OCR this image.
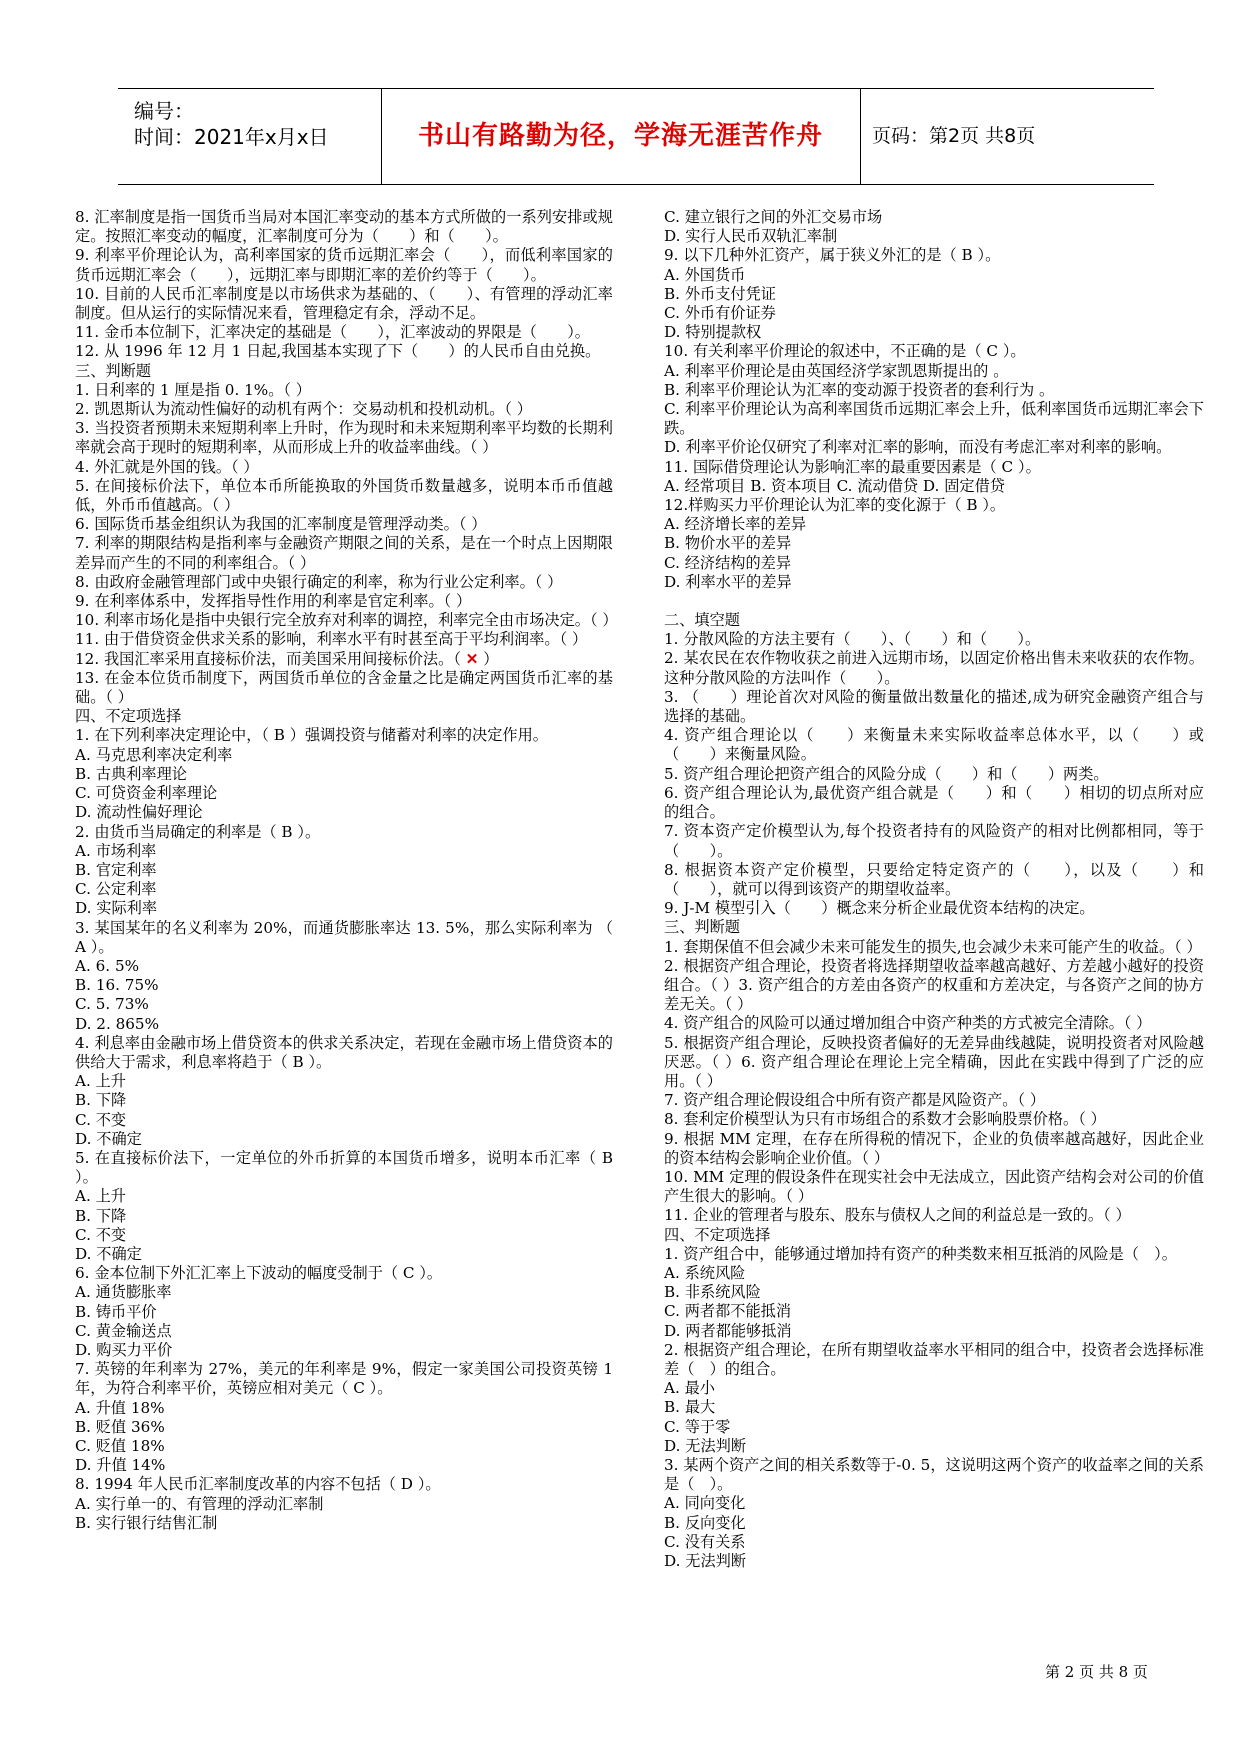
编号：
时间：2021年x月x日	书山有路勤为径，学海无涯苦作舟	页码：第2页 共8页

8. 汇率制度是指一国货币当局对本国汇率变动的基本方式所做的一系列安排或规定。按照汇率变动的幅度，汇率制度可分为（　　）和（　　）。

9. 利率平价理论认为，高利率国家的货币远期汇率会（　　），而低利率国家的货币远期汇率会（　　），远期汇率与即期汇率的差价约等于（　　）。

10. 目前的人民币汇率制度是以市场供求为基础的、（　　）、有管理的浮动汇率制度。但从运行的实际情况来看，管理稳定有余，浮动不足。

11. 金币本位制下，汇率决定的基础是（　　），汇率波动的界限是（　　）。

12. 从 1996 年 12 月 1 日起,我国基本实现了下（　　）的人民币自由兑换。

三、判断题

1. 日利率的 1 厘是指 0. 1%。（ ）

2. 凯恩斯认为流动性偏好的动机有两个：交易动机和投机动机。（ ）

3. 当投资者预期未来短期利率上升时，作为现时和未来短期利率平均数的长期利率就会高于现时的短期利率，从而形成上升的收益率曲线。（ ）

4. 外汇就是外国的钱。（ ）

5. 在间接标价法下，单位本币所能换取的外国货币数量越多，说明本币币值越低，外币币值越高。（ ）

6. 国际货币基金组织认为我国的汇率制度是管理浮动类。（ ）

7. 利率的期限结构是指利率与金融资产期限之间的关系，是在一个时点上因期限差异而产生的不同的利率组合。（ ）

8. 由政府金融管理部门或中央银行确定的利率，称为行业公定利率。（ ）

9. 在利率体系中，发挥指导性作用的利率是官定利率。（ ）

10. 利率市场化是指中央银行完全放弃对利率的调控，利率完全由市场决定。（ ）

11. 由于借贷资金供求关系的影响，利率水平有时甚至高于平均利润率。（ ）

12. 我国汇率采用直接标价法，而美国采用间接标价法。（ ✕ ）

13. 在金本位货币制度下，两国货币单位的含金量之比是确定两国货币汇率的基础。（ ）

四、不定项选择

1. 在下列利率决定理论中，（ B ）强调投资与储蓄对利率的决定作用。

A. 马克思利率决定利率

B. 古典利率理论

C. 可贷资金利率理论

D. 流动性偏好理论

2. 由货币当局确定的利率是（ B ）。

A. 市场利率

B. 官定利率

C. 公定利率

D. 实际利率

3. 某国某年的名义利率为 20%，而通货膨胀率达 13. 5%，那么实际利率为 （ A ）。

A. 6. 5%

B. 16. 75%

C. 5. 73%

D. 2. 865%

4. 利息率由金融市场上借贷资本的供求关系决定，若现在金融市场上借贷资本的供给大于需求，利息率将趋于（ B ）。

A. 上升

B. 下降

C. 不变

D. 不确定

5. 在直接标价法下，一定单位的外币折算的本国货币增多，说明本币汇率（ B ）。

A. 上升

B. 下降

C. 不变

D. 不确定

6. 金本位制下外汇汇率上下波动的幅度受制于（ C ）。

A. 通货膨胀率

B. 铸币平价

C. 黄金输送点

D. 购买力平价

7. 英镑的年利率为 27%，美元的年利率是 9%，假定一家美国公司投资英镑 1 年，为符合利率平价，英镑应相对美元（ C ）。

A. 升值 18%

B. 贬值 36%

C. 贬值 18%

D. 升值 14%

8. 1994 年人民币汇率制度改革的内容不包括（ D ）。

A. 实行单一的、有管理的浮动汇率制

B. 实行银行结售汇制

C. 建立银行之间的外汇交易市场

D. 实行人民币双轨汇率制

9. 以下几种外汇资产，属于狭义外汇的是（ B ）。

A. 外国货币

B. 外币支付凭证

C. 外币有价证券

D. 特别提款权

10. 有关利率平价理论的叙述中，不正确的是（ C ）。

A. 利率平价理论是由英国经济学家凯恩斯提出的 。

B. 利率平价理论认为汇率的变动源于投资者的套利行为 。

C. 利率平价理论认为高利率国货币远期汇率会上升，低利率国货币远期汇率会下跌。

D. 利率平价论仅研究了利率对汇率的影响，而没有考虑汇率对利率的影响。

11. 国际借贷理论认为影响汇率的最重要因素是（ C ）。

A. 经常项目 B. 资本项目 C. 流动借贷 D. 固定借贷

12.样购买力平价理论认为汇率的变化源于（ B ）。

A. 经济增长率的差异

B. 物价水平的差异

C. 经济结构的差异

D. 利率水平的差异

二、填空题

1. 分散风险的方法主要有（　　）、（　　）和（　　）。

2. 某农民在农作物收获之前进入远期市场，以固定价格出售未来收获的农作物。这种分散风险的方法叫作（　　）。

3. （　　）理论首次对风险的衡量做出数量化的描述,成为研究金融资产组合与选择的基础。

4. 资产组合理论以（　　）来衡量未来实际收益率总体水平，以（　　）或（　　）来衡量风险。

5. 资产组合理论把资产组合的风险分成（　　）和（　　）两类。

6. 资产组合理论认为,最优资产组合就是（　　）和（　　）相切的切点所对应的组合。

7. 资本资产定价模型认为,每个投资者持有的风险资产的相对比例都相同，等于（　　）。

8. 根据资本资产定价模型，只要给定特定资产的（　　），以及（　　）和（　　），就可以得到该资产的期望收益率。

9. J-M 模型引入（　　）概念来分析企业最优资本结构的决定。

三、判断题

1. 套期保值不但会减少未来可能发生的损失,也会减少未来可能产生的收益。（ ）

2. 根据资产组合理论，投资者将选择期望收益率越高越好、方差越小越好的投资组合。（ ）3. 资产组合的方差由各资产的权重和方差决定，与各资产之间的协方差无关。（ ）

4. 资产组合的风险可以通过增加组合中资产种类的方式被完全清除。（ ）

5. 根据资产组合理论，反映投资者偏好的无差异曲线越陡，说明投资者对风险越厌恶。（ ）6. 资产组合理论在理论上完全精确，因此在实践中得到了广泛的应用。（ ）

7. 资产组合理论假设组合中所有资产都是风险资产。（ ）

8. 套利定价模型认为只有市场组合的系数才会影响股票价格。（ ）

9. 根据 MM 定理，在存在所得税的情况下，企业的负债率越高越好，因此企业的资本结构会影响企业价值。（ ）

10. MM 定理的假设条件在现实社会中无法成立，因此资产结构会对公司的价值产生很大的影响。（ ）

11. 企业的管理者与股东、股东与债权人之间的利益总是一致的。（ ）

四、不定项选择

1. 资产组合中，能够通过增加持有资产的种类数来相互抵消的风险是（　）。

A. 系统风险

B. 非系统风险

C. 两者都不能抵消

D. 两者都能够抵消

2. 根据资产组合理论，在所有期望收益率水平相同的组合中，投资者会选择标准差（　）的组合。

A. 最小

B. 最大

C. 等于零

D. 无法判断

3. 某两个资产之间的相关系数等于-0. 5，这说明这两个资产的收益率之间的关系是（　）。

A. 同向变化

B. 反向变化

C. 没有关系

D. 无法判断

第 2 页 共 8 页
